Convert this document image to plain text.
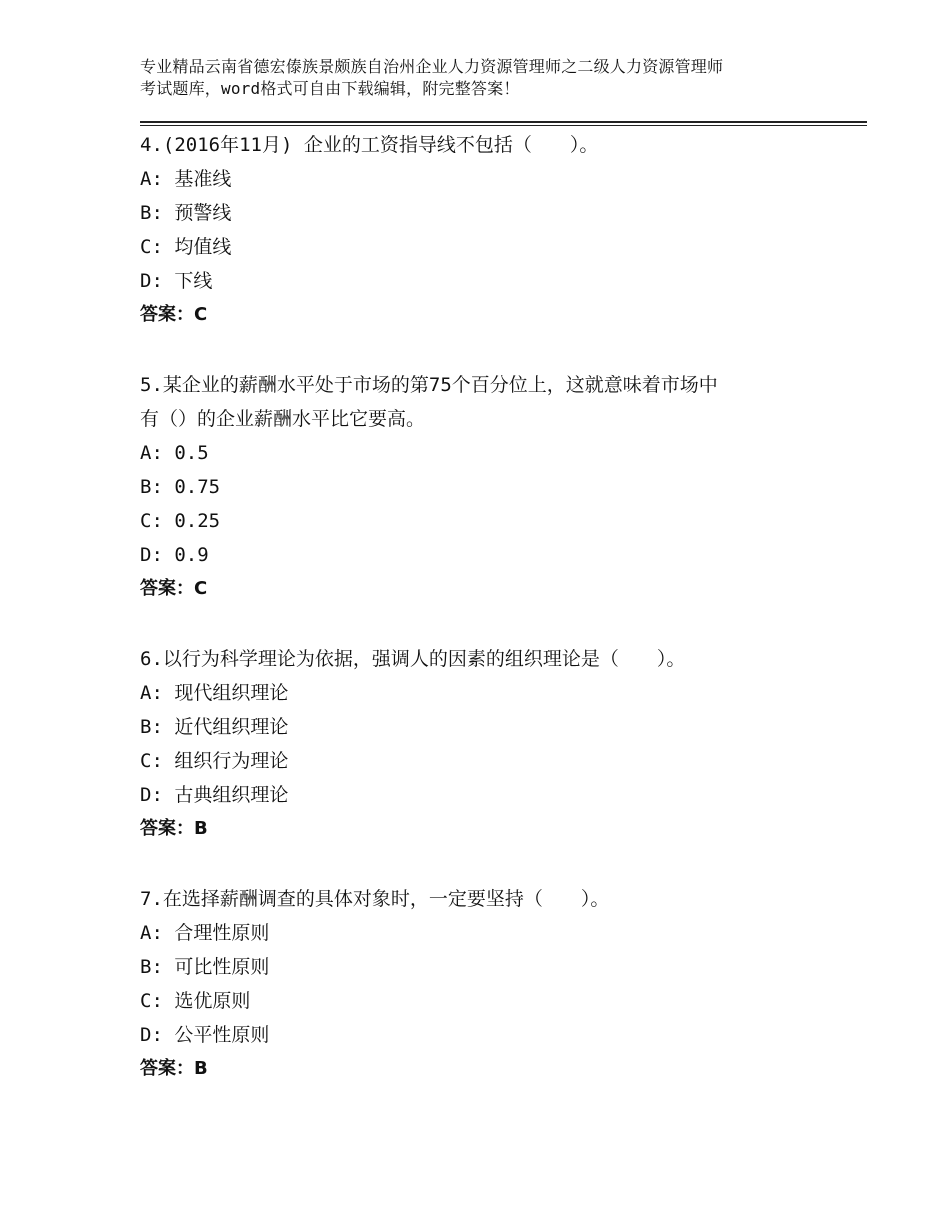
专业精品云南省德宏傣族景颇族自治州企业人力资源管理师之二级人力资源管理师
考试题库，word格式可自由下载编辑，附完整答案！
4.(2016年11月) 企业的工资指导线不包括（　　）。
A: 基准线
B: 预警线
C: 均值线
D: 下线
答案：C
5.某企业的薪酬水平处于市场的第75个百分位上，这就意味着市场中
有（）的企业薪酬水平比它要高。
A: 0.5
B: 0.75
C: 0.25
D: 0.9
答案：C
6.以行为科学理论为依据，强调人的因素的组织理论是（　　）。
A: 现代组织理论
B: 近代组织理论
C: 组织行为理论
D: 古典组织理论
答案：B
7.在选择薪酬调查的具体对象时，一定要坚持（　　）。
A: 合理性原则
B: 可比性原则
C: 选优原则
D: 公平性原则
答案：B
